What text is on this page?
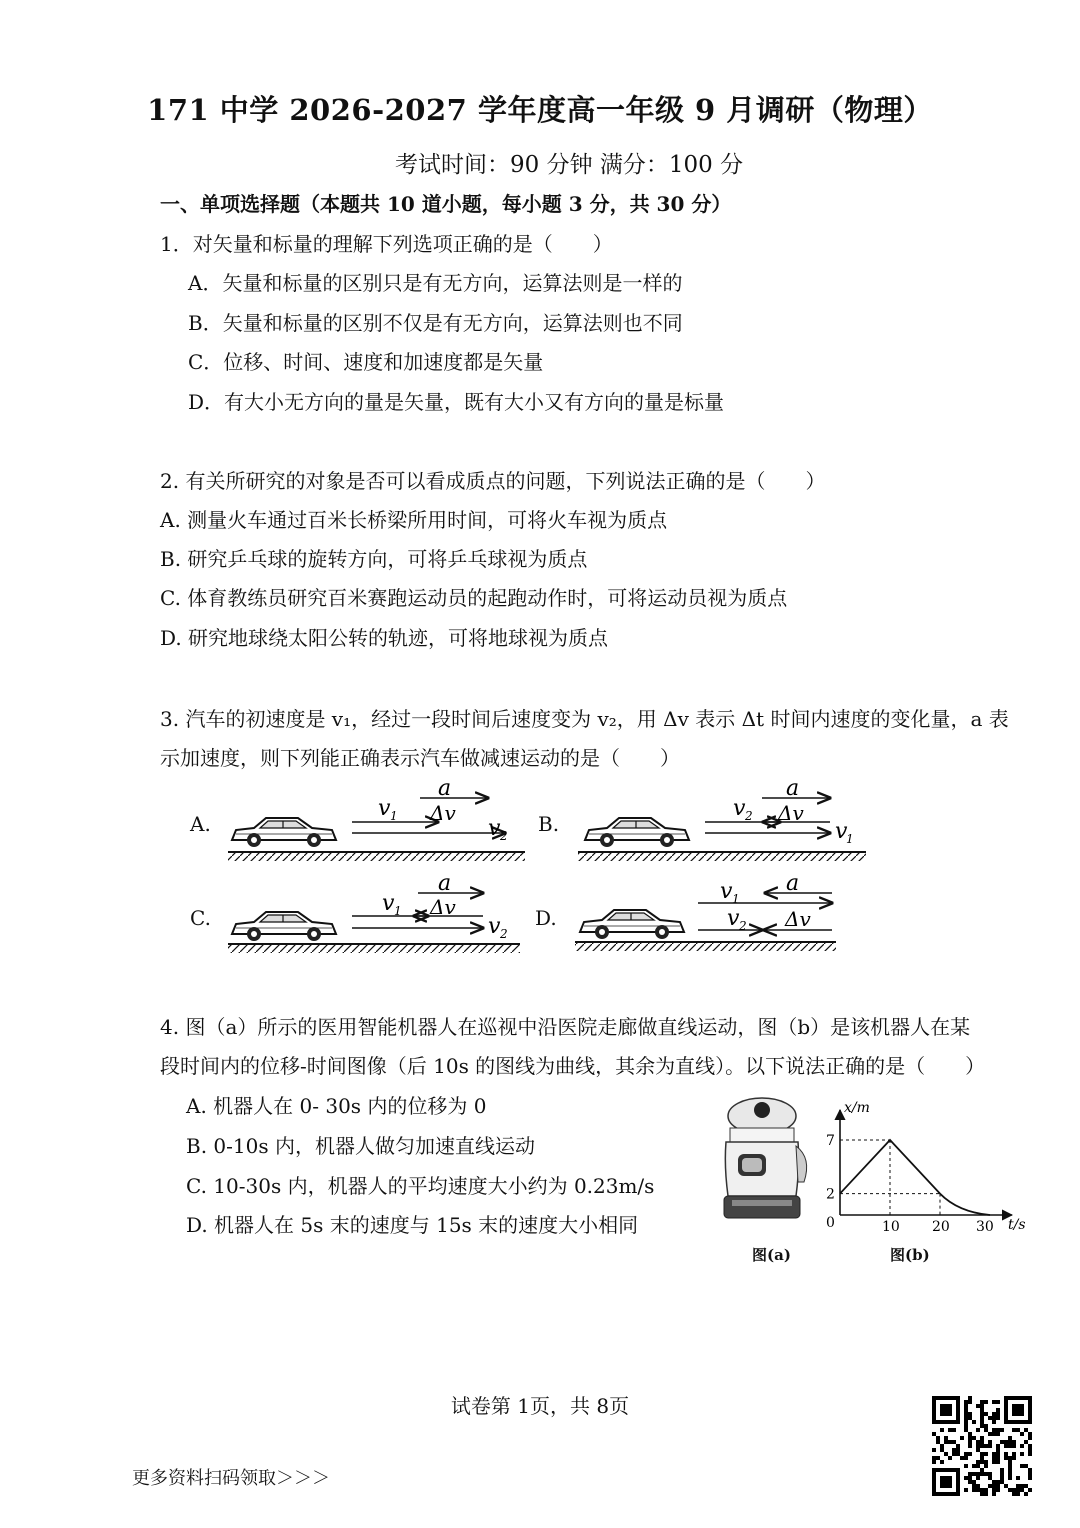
171 中学 2026-2027 学年度高一年级 9 月调研（物理）
考试时间：90 分钟 满分：100 分
一、单项选择题（本题共 10 道小题，每小题 3 分，共 30 分）
1．对矢量和标量的理解下列选项正确的是（　　）
A．矢量和标量的区别只是有无方向，运算法则是一样的
B．矢量和标量的区别不仅是有无方向，运算法则也不同
C．位移、时间、速度和加速度都是矢量
D．有大小无方向的量是矢量，既有大小又有方向的量是标量
2. 有关所研究的对象是否可以看成质点的问题，下列说法正确的是（　　）
A. 测量火车通过百米长桥梁所用时间，可将火车视为质点
B. 研究乒乓球的旋转方向，可将乒乓球视为质点
C. 体育教练员研究百米赛跑运动员的起跑动作时，可将运动员视为质点
D. 研究地球绕太阳公转的轨迹，可将地球视为质点
3. 汽车的初速度是 v₁，经过一段时间后速度变为 v₂，用 Δv 表示 Δt 时间内速度的变化量，a 表
示加速度，则下列能正确表示汽车做减速运动的是（　　）
A.	B.
C.	D.
a
Δv
v 1	v 2
a
Δv
v 2
v
1
a
Δv
v 1
v 2
a
v 1
v 2 Δv
4. 图（a）所示的医用智能机器人在巡视中沿医院走廊做直线运动，图（b）是该机器人在某
段时间内的位移-时间图像（后 10s 的图线为曲线，其余为直线）。以下说法正确的是（　　）
A. 机器人在 0- 30s 内的位移为 0
B. 0-10s 内，机器人做匀加速直线运动
C. 10-30s 内，机器人的平均速度大小约为 0.23m/s
D. 机器人在 5s 末的速度与 15s 末的速度大小相同
图(a)
x/m
t/s
0
2
7
10 20 30
图(b)
试卷第 1页，共 8页
更多资料扫码领取＞＞＞
